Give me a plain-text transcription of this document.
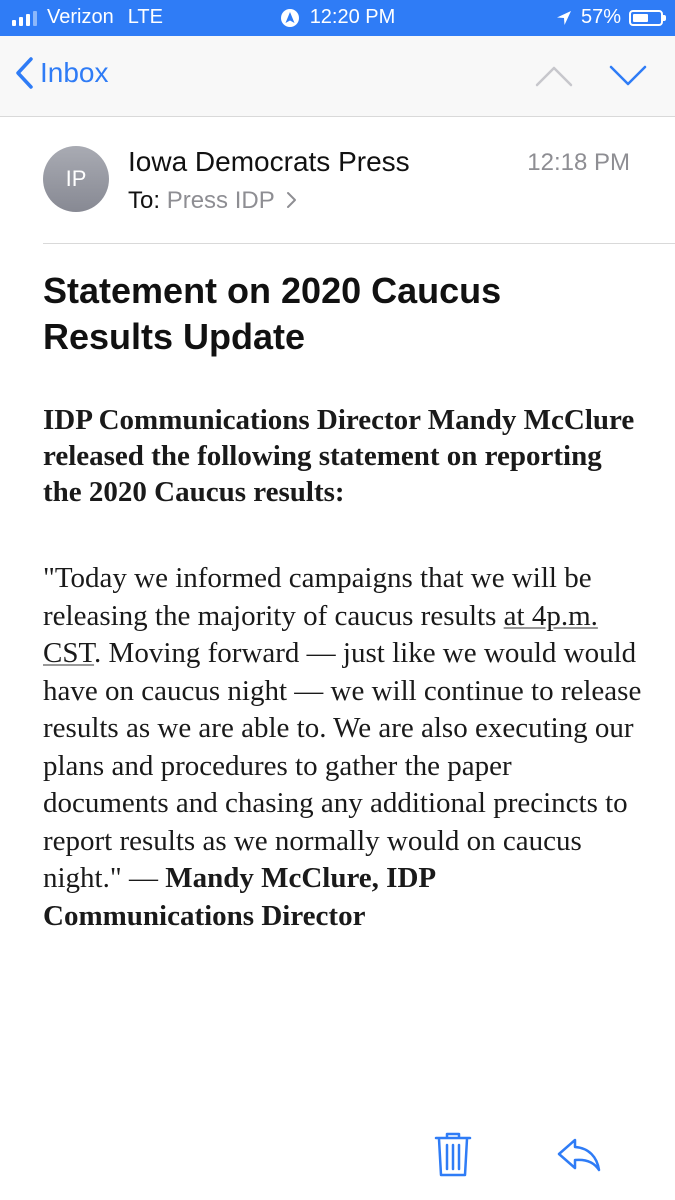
Verizon LTE	12:20 PM	57%
Inbox
IP
Iowa Democrats Press	12:18 PM
To: Press IDP
Statement on 2020 Caucus Results Update

IDP Communications Director Mandy McClure released the following statement on reporting the 2020 Caucus results:

"Today we informed campaigns that we will be releasing the majority of caucus results at 4p.m. CST. Moving forward — just like we would would have on caucus night — we will continue to release results as we are able to. We are also executing our plans and procedures to gather the paper documents and chasing any additional precincts to report results as we normally would on caucus night." — Mandy McClure, IDP Communications Director
